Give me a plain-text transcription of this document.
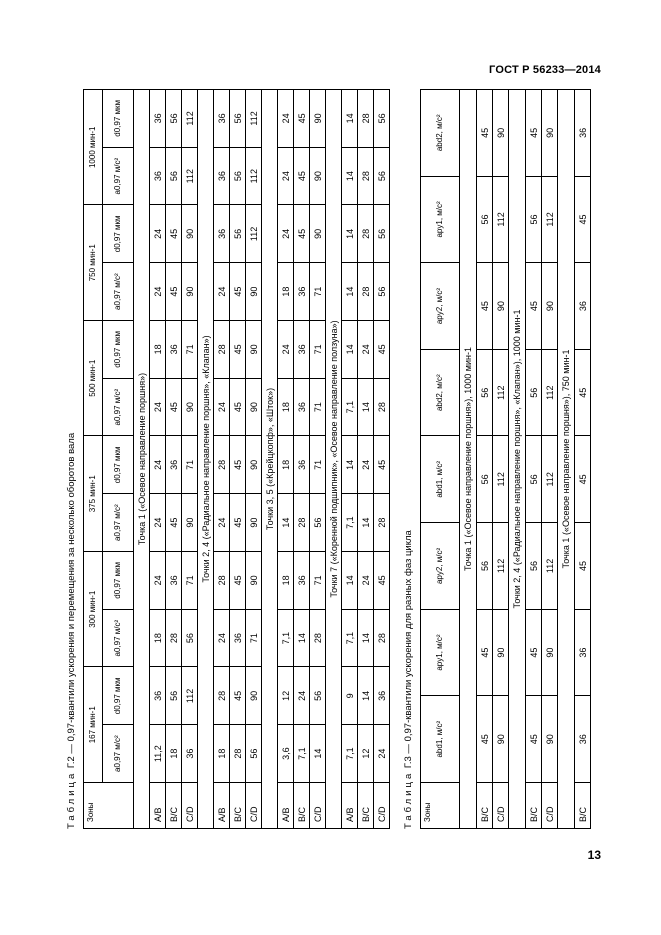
ГОСТ Р 56233—2014
Таблица Г.2 — 0,97-квантили ускорения и перемещения за несколько оборотов вала
Зоны	167 мин-1		300 мин-1		375 мин-1		500 мин-1		750 мин-1		1000 мин-1	
	a0,97 м/с²	d0,97 мкм	a0,97 м/с²	d0,97 мкм	a0,97 м/с²	d0,97 мкм	a0,97 м/с²	d0,97 мкм	a0,97 м/с²	d0,97 мкм	a0,97 м/с²	d0,97 мкм
Точка 1 («Осевое направление поршня»)												
A/B	11,2	36	18	24	24	24	24	18	24	24	36	36
B/C	18	56	28	36	45	36	45	36	45	45	56	56
C/D	36	112	56	71	90	71	90	71	90	90	112	112
Точки 2, 4 («Радиальное направление поршня», «Клапан»)												
A/B	18	28	24	28	24	28	24	28	24	36	36	36
B/C	28	45	36	45	45	45	45	45	45	56	56	56
C/D	56	90	71	90	90	90	90	90	90	112	112	112
Точки 3, 5 («Крейцкопф», «Шток»)												
A/B	3,6	12	7,1	18	14	18	18	24	18	24	24	24
B/C	7,1	24	14	36	28	36	36	36	36	45	45	45
C/D	14	56	28	71	56	71	71	71	71	90	90	90
Точки 7 («Коренной подшипник», «Осевое направление ползуна»)												
A/B	7,1	9	7,1	14	7,1	14	7,1	14	14	14	14	14
B/C	12	14	14	24	14	24	14	24	28	28	28	28
C/D	24	36	28	45	28	45	28	45	56	56	56	56
Таблица Г.3 — 0,97-квантили ускорения для разных фаз цикла
Зоны	abd1, м/с²	apy1, м/с²	apy2, м/с²	abd1, м/с²	abd2, м/с²	apy2, м/с²	apy1, м/с²	abd2, м/с²
Точка 1 («Осевое направление поршня»), 1000 мин-1								
B/C	45	45	56	56	56	45	56	45
C/D	90	90	112	112	112	90	112	90
Точки 2, 4 («Радиальное направление поршня», «Клапан»), 1000 мин-1								
B/C	45	45	56	56	56	45	56	45
C/D	90	90	112	112	112	90	112	90
Точка 1 («Осевое направление поршня»), 750 мин-1								
B/C	36	36	45	45	45	36	45	36
13
